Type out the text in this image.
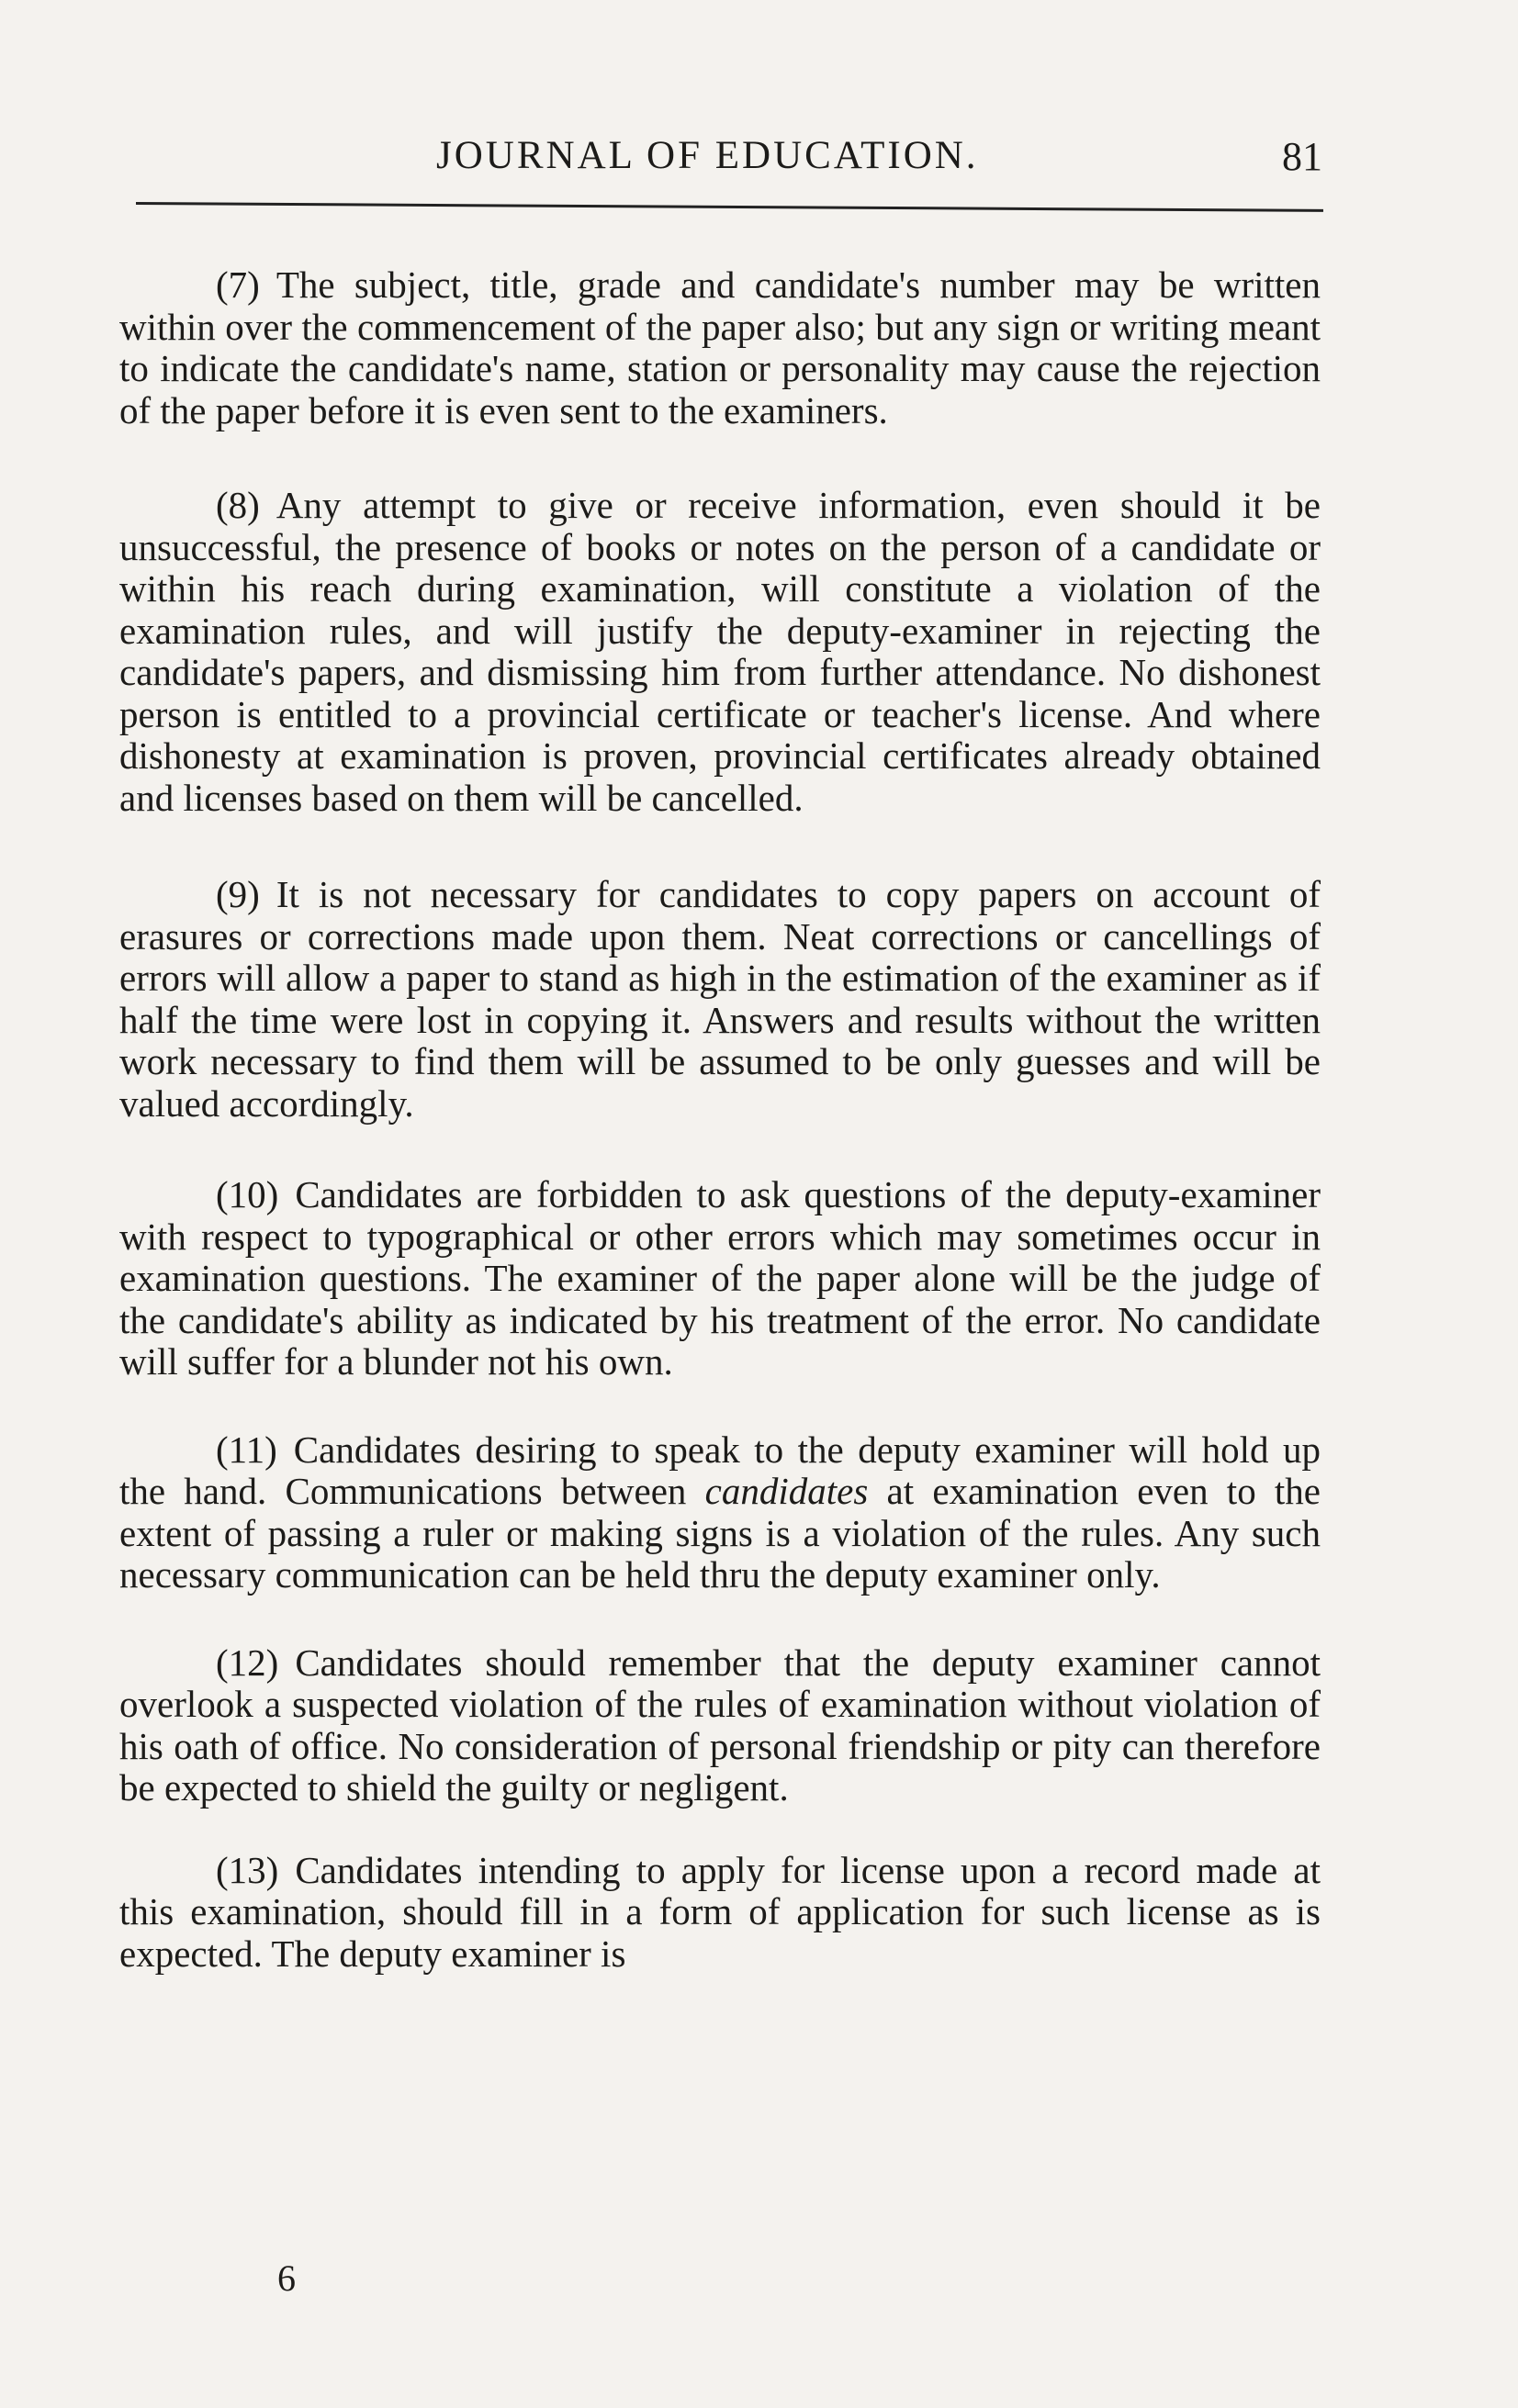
JOURNAL OF EDUCATION.	81

(7) The subject, title, grade and candidate's number may be written within over the commencement of the paper also; but any sign or writing meant to indicate the candidate's name, station or personality may cause the rejection of the paper before it is even sent to the examiners.

(8) Any attempt to give or receive information, even should it be unsuccessful, the presence of books or notes on the person of a candidate or within his reach during examination, will constitute a violation of the examination rules, and will justify the deputy-examiner in rejecting the candidate's papers, and dismissing him from further attendance. No dishonest person is entitled to a provincial certificate or teacher's license. And where dishonesty at examination is proven, provincial certificates already obtained and licenses based on them will be cancelled.

(9) It is not necessary for candidates to copy papers on account of erasures or corrections made upon them. Neat corrections or cancellings of errors will allow a paper to stand as high in the estimation of the examiner as if half the time were lost in copying it. Answers and results without the written work necessary to find them will be assumed to be only guesses and will be valued accordingly.

(10) Candidates are forbidden to ask questions of the deputy-examiner with respect to typographical or other errors which may sometimes occur in examination questions. The examiner of the paper alone will be the judge of the candidate's ability as indicated by his treatment of the error. No candidate will suffer for a blunder not his own.

(11) Candidates desiring to speak to the deputy examiner will hold up the hand. Communications between candidates at examination even to the extent of passing a ruler or making signs is a violation of the rules. Any such necessary communication can be held thru the deputy examiner only.

(12) Candidates should remember that the deputy examiner cannot overlook a suspected violation of the rules of examination without violation of his oath of office. No consideration of personal friendship or pity can therefore be expected to shield the guilty or negligent.

(13) Candidates intending to apply for license upon a record made at this examination, should fill in a form of application for such license as is expected. The deputy examiner is

6
